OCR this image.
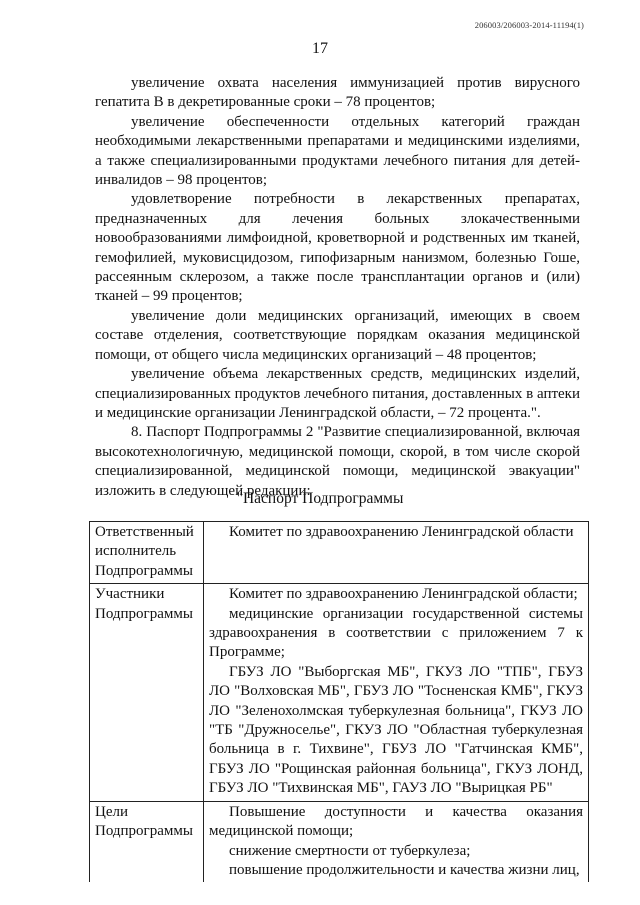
206003/206003-2014-11194(1)
17

увеличение охвата населения иммунизацией против вирусного гепатита В в декретированные сроки – 78 процентов;

увеличение обеспеченности отдельных категорий граждан необходимыми лекарственными препаратами и медицинскими изделиями, а также специализированными продуктами лечебного питания для детей-инвалидов – 98 процентов;

удовлетворение потребности в лекарственных препаратах, предназначенных для лечения больных злокачественными новообразованиями лимфоидной, кроветворной и родственных им тканей, гемофилией, муковисцидозом, гипофизарным нанизмом, болезнью Гоше, рассеянным склерозом, а также после трансплантации органов и (или) тканей – 99 процентов;

увеличение доли медицинских организаций, имеющих в своем составе отделения, соответствующие порядкам оказания медицинской помощи, от общего числа медицинских организаций – 48 процентов;

увеличение объема лекарственных средств, медицинских изделий, специализированных продуктов лечебного питания, доставленных в аптеки и медицинские организации Ленинградской области, – 72 процента.".

8. Паспорт Подпрограммы 2 "Развитие специализированной, включая высокотехнологичную, медицинской помощи, скорой, в том числе скорой специализированной, медицинской помощи, медицинской эвакуации" изложить в следующей редакции:

"Паспорт Подпрограммы
Ответственный исполнитель Подпрограммы	Комитет по здравоохранению Ленинградской области

Участники Подпрограммы	Комитет по здравоохранению Ленинградской области;

медицинские организации государственной системы здравоохранения в соответствии с приложением 7 к Программе;

ГБУЗ ЛО "Выборгская МБ", ГКУЗ ЛО "ТПБ", ГБУЗ ЛО "Волховская МБ", ГБУЗ ЛО "Тосненская КМБ", ГКУЗ ЛО "Зеленохолмская туберкулезная больница", ГКУЗ ЛО "ТБ "Дружноселье", ГКУЗ ЛО "Областная туберкулезная больница в г. Тихвине", ГБУЗ ЛО "Гатчинская КМБ", ГБУЗ ЛО "Рощинская районная больница", ГКУЗ ЛОНД, ГБУЗ ЛО "Тихвинская МБ", ГАУЗ ЛО "Вырицкая РБ"

Цели Подпрограммы	Повышение доступности и качества оказания медицинской помощи;

снижение смертности от туберкулеза;

повышение продолжительности и качества жизни лиц,
